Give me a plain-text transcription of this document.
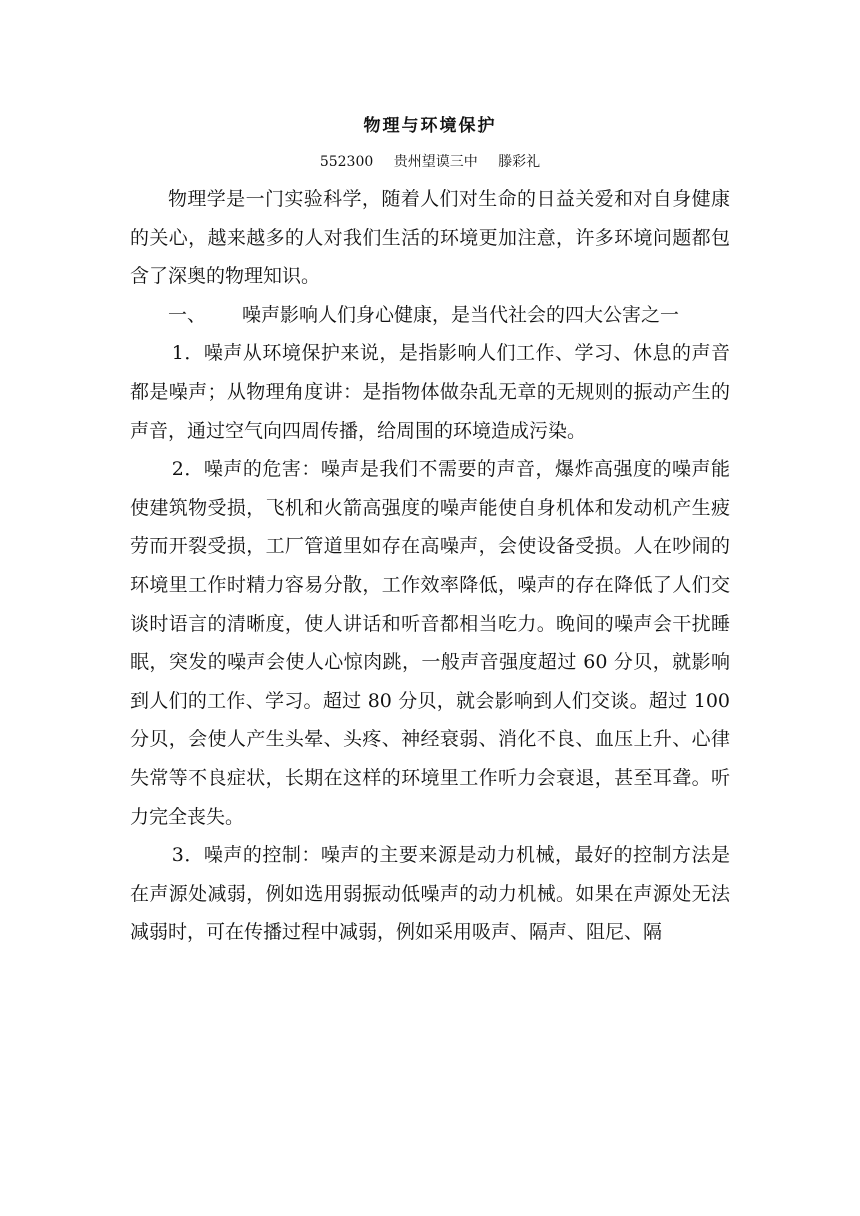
物理与环境保护

552300 贵州望谟三中 滕彩礼

物理学是一门实验科学，随着人们对生命的日益关爱和对自身健康的关心，越来越多的人对我们生活的环境更加注意，许多环境问题都包含了深奥的物理知识。

一、 噪声影响人们身心健康，是当代社会的四大公害之一

1．噪声从环境保护来说，是指影响人们工作、学习、休息的声音都是噪声；从物理角度讲：是指物体做杂乱无章的无规则的振动产生的声音，通过空气向四周传播，给周围的环境造成污染。

2．噪声的危害：噪声是我们不需要的声音，爆炸高强度的噪声能使建筑物受损，飞机和火箭高强度的噪声能使自身机体和发动机产生疲劳而开裂受损，工厂管道里如存在高噪声，会使设备受损。人在吵闹的环境里工作时精力容易分散，工作效率降低，噪声的存在降低了人们交谈时语言的清晰度，使人讲话和听音都相当吃力。晚间的噪声会干扰睡眠，突发的噪声会使人心惊肉跳，一般声音强度超过 60 分贝，就影响到人们的工作、学习。超过 80 分贝，就会影响到人们交谈。超过 100 分贝，会使人产生头晕、头疼、神经衰弱、消化不良、血压上升、心律失常等不良症状，长期在这样的环境里工作听力会衰退，甚至耳聋。听力完全丧失。

3．噪声的控制：噪声的主要来源是动力机械，最好的控制方法是在声源处减弱，例如选用弱振动低噪声的动力机械。如果在声源处无法减弱时，可在传播过程中减弱，例如采用吸声、隔声、阻尼、隔
